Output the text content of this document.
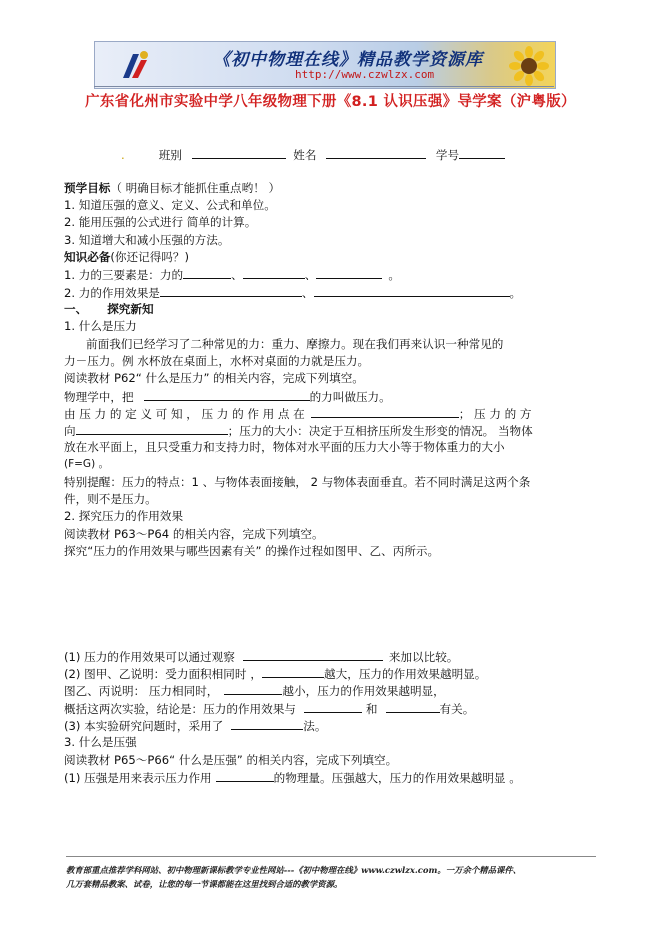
《初中物理在线》精品教学资源库
http://www.czwlzx.com
广东省化州市实验中学八年级物理下册《8.1 认识压强》导学案（沪粤版）
.	班别	姓名	学号
预学目标（ 明确目标才能抓住重点哟！ ）
1. 知道压强的意义、定义、公式和单位。
2. 能用压强的公式进行 简单的计算。
3. 知道增大和减小压强的方法。
知识必备(你还记得吗？)
1. 力的三要素是：力的	、	、	。
2. 力的作用效果是	、	。
一、 探究新知
1. 什么是压力
前面我们已经学习了二种常见的力：重力、摩擦力。现在我们再来认识一种常见的
力－压力。例 水杯放在桌面上，水杯对桌面的力就是压力。
阅读教材 P62“ 什么是压力” 的相关内容，完成下列填空。
物理学中，把	的力叫做压力。
由 压 力 的 定 义 可 知 ， 压 力 的 作 用 点 在	； 压 力 的 方
向	；压力的大小：决定于互相挤压所发生形变的情况。 当物体
放在水平面上，且只受重力和支持力时，物体对水平面的压力大小等于物体重力的大小
(F=G) 。
特别提醒：压力的特点：1 、与物体表面接触， 2 与物体表面垂直。若不同时满足这两个条
件，则不是压力。
2. 探究压力的作用效果
阅读教材 P63～P64 的相关内容，完成下列填空。
探究“压力的作用效果与哪些因素有关” 的操作过程如图甲、乙、丙所示。
(1) 压力的作用效果可以通过观察	来加以比较。
(2) 图甲、乙说明：受力面积相同时 ，	越大，压力的作用效果越明显。
图乙、丙说明： 压力相同时，	越小，压力的作用效果越明显，
概括这两次实验，结论是：压力的作用效果与	和	有关。
(3) 本实验研究问题时，采用了	法。
3. 什么是压强
阅读教材 P65～P66“ 什么是压强” 的相关内容，完成下列填空。
(1) 压强是用来表示压力作用	的物理量。压强越大，压力的作用效果越明显 。
教育部重点推荐学科网站、初中物理新课标教学专业性网站---《初中物理在线》www.czwlzx.com。一万余个精品课件、
几万套精品教案、试卷，让您的每一节课都能在这里找到合适的教学资源。
